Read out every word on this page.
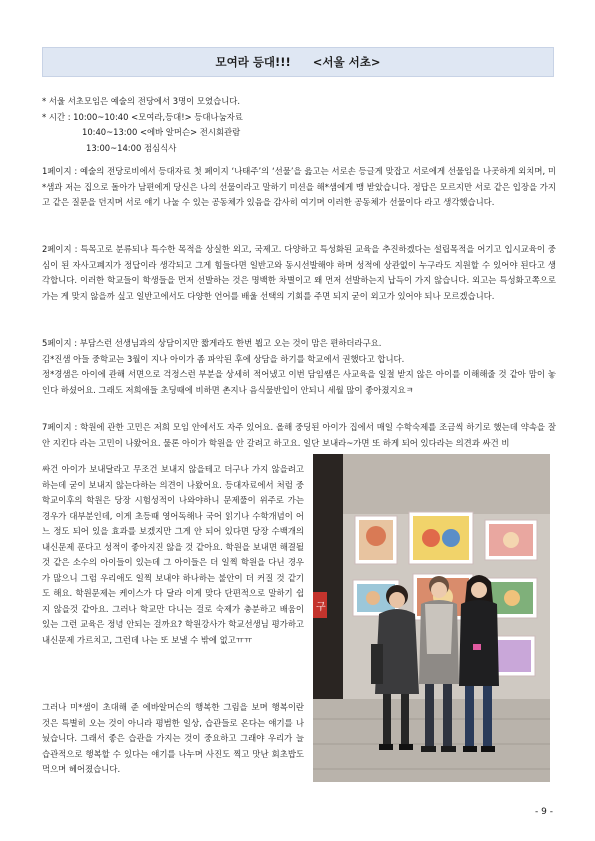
모여라 등대!!! <서울 서초>
* 서울 서초모임은 예술의 전당에서 3명이 모였습니다.
* 시간 : 10:00~10:40 <모여라,등대!> 등대나눔자료
10:40~13:00 <에바 알머슨> 전시회관람
13:00~14:00 점심식사

1페이지 : 예술의 전당로비에서 등대자료 첫 페이지 ‘나태주’의 ‘선물’을 읊고는 서로손 등글게 맞잡고 서로에게 선물임을 나곳하게 외치며, 미*샘과 저는 집으로 돌아가 남편에게 당신은 나의 선물이라고 말하기 미션을 해*샘에게 맹 받았습니다. 정답은 모르지만 서로 같은 입장을 가지고 같은 질문을 던지며 서로 얘기 나눌 수 있는 공동체가 있음을 감사히 여기며 이러한 공동체가 선물이다 라고 생각했습니다.

2페이지 : 특목고로 분류되나 특수한 목적을 상실한 외고, 국제고. 다양하고 특성화된 교육을 추진하겠다는 설립목적을 어기고 입시교육이 중심이 된 자사고폐지가 정답이라 생각되고 그게 힘들다면 일반고와 동시선발해야 하며 성적에 상관없이 누구라도 지원할 수 있어야 된다고 생각합니다. 이러한 학교들이 학생들을 먼저 선발하는 것은 명백한 차별이고 왜 먼저 선발하는지 납득이 가지 않습니다. 외고는 특성화고쪽으로 가는 게 맞지 않을까 싶고 일반고에서도 다양한 언어를 배울 선택의 기회를 주면 되지 굳이 외고가 있어야 되나 모르겠습니다.

5페이지 : 부담스런 선생님과의 상담이지만 짧게라도 한번 뵙고 오는 것이 맘은 편하더라구요.

김*진샘 아들 중학교는 3월이 지나 아이가 좀 파악된 후에 상담을 하기를 학교에서 권했다고 합니다.

정*경샘은 아이에 관해 서면으로 걱정스런 부분을 상세히 적어냈고 이번 담임쌤은 사교육을 일절 받지 않은 아이를 이해해줄 것 같아 맘이 놓인다 하셨어요. 그래도 저희애들 초딩때에 비하면 촌지나 음식물반입이 안되니 세월 많이 좋아졌지요ㅋ

7페이지 : 학원에 관한 고민은 저희 모임 안에서도 자주 있어요. 올해 중딩된 아이가 집에서 매일 수학숙제를 조금씩 하기로 했는데 약속을 잘 안 지킨다 라는 고민이 나왔어요. 물론 아이가 학원을 안 갈려고 하고요. 일단 보내라~가면 또 하게 되어 있다라는 의견과 싸건 비

싸건 아이가 보내달라고 무조건 보내지 않을테고 더구나 가지 않을려고 하는데 굳이 보내지 않는다하는 의견이 나왔어요. 등대자료에서 처럼 중학교이후의 학원은 당장 시험성적이 나와야하니 문제풀이 위주로 가는 경우가 대부분인데, 이게 초등때 영어독해나 국어 읽기나 수학개념이 어느 정도 되어 있을 효과를 보겠지만 그게 안 되어 있다면 당장 수백개의 내신문제 푼다고 성적이 좋아지진 않을 것 같아요. 학원을 보내면 해결될 것 같은 소수의 아이들이 있는데 그 아이들은 더 일찍 학원을 다닌 경우가 많으니 그럼 우리애도 일찍 보내야 하나하는 불안이 더 커질 것 같기도 해요. 학원문제는 케이스가 다 달라 이게 맞다 단편적으로 말하기 쉽지 않을것 같아요. 그러나 학교만 다니는 걸로 숙제가 충분하고 배움이 있는 그런 교육은 정녕 안되는 걸까요? 학원강사가 학교선생님 평가하고 내신문제 가르치고, 그런데 나는 또 보낼 수 밖에 없고ㅠㅠ

그러나 미*샘이 초대해 준 에바알머슨의 행복한 그림을 보며 행복이란 것은 특별히 오는 것이 아니라 평범한 일상, 습관들로 온다는 얘기를 나눴습니다. 그래서 좋은 습관을 가지는 것이 중요하고 그래야 우리가 늘 습관적으로 행복할 수 있다는 얘기를 나누며 사진도 찍고 맛난 회초밥도 먹으며 헤어졌습니다.

구
- 9 -
